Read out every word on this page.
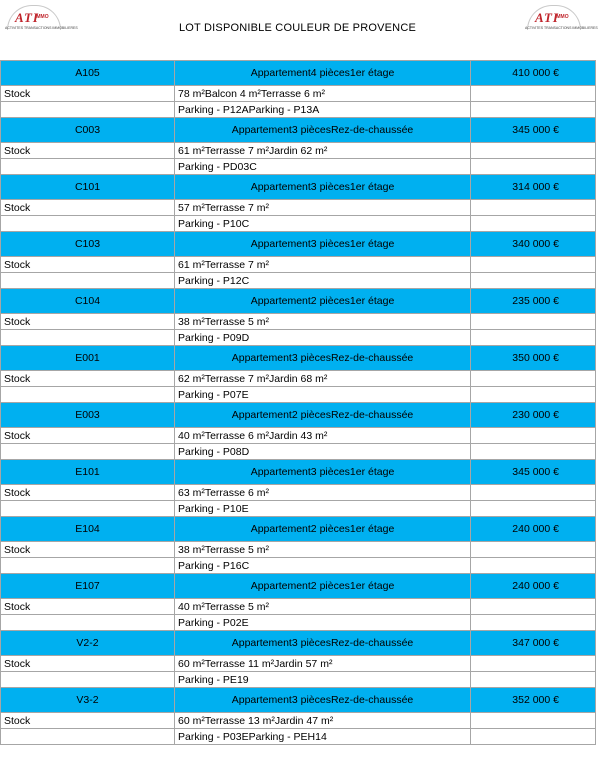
ATI
IMMO
ACTIVITES TRANSACTIONS IMMOBILIERES	LOT DISPONIBLE COULEUR DE PROVENCE
ATI
IMMO
ACTIVITES TRANSACTIONS IMMOBILIERES
A105	Appartement4 pièces1er étage	410 000 €
Stock	78 m²Balcon 4 m²Terrasse 6 m²	
	Parking - P12AParking - P13A	
C003	Appartement3 piècesRez-de-chaussée	345 000 €
Stock	61 m²Terrasse 7 m²Jardin 62 m²	
	Parking - PD03C	
C101	Appartement3 pièces1er étage	314 000 €
Stock	57 m²Terrasse 7 m²	
	Parking - P10C	
C103	Appartement3 pièces1er étage	340 000 €
Stock	61 m²Terrasse 7 m²	
	Parking - P12C	
C104	Appartement2 pièces1er étage	235 000 €
Stock	38 m²Terrasse 5 m²	
	Parking - P09D	
E001	Appartement3 piècesRez-de-chaussée	350 000 €
Stock	62 m²Terrasse 7 m²Jardin 68 m²	
	Parking - P07E	
E003	Appartement2 piècesRez-de-chaussée	230 000 €
Stock	40 m²Terrasse 6 m²Jardin 43 m²	
	Parking - P08D	
E101	Appartement3 pièces1er étage	345 000 €
Stock	63 m²Terrasse 6 m²	
	Parking - P10E	
E104	Appartement2 pièces1er étage	240 000 €
Stock	38 m²Terrasse 5 m²	
	Parking - P16C	
E107	Appartement2 pièces1er étage	240 000 €
Stock	40 m²Terrasse 5 m²	
	Parking - P02E	
V2-2	Appartement3 piècesRez-de-chaussée	347 000 €
Stock	60 m²Terrasse 11 m²Jardin 57 m²	
	Parking - PE19	
V3-2	Appartement3 piècesRez-de-chaussée	352 000 €
Stock	60 m²Terrasse 13 m²Jardin 47 m²	
	Parking - P03EParking - PEH14	
